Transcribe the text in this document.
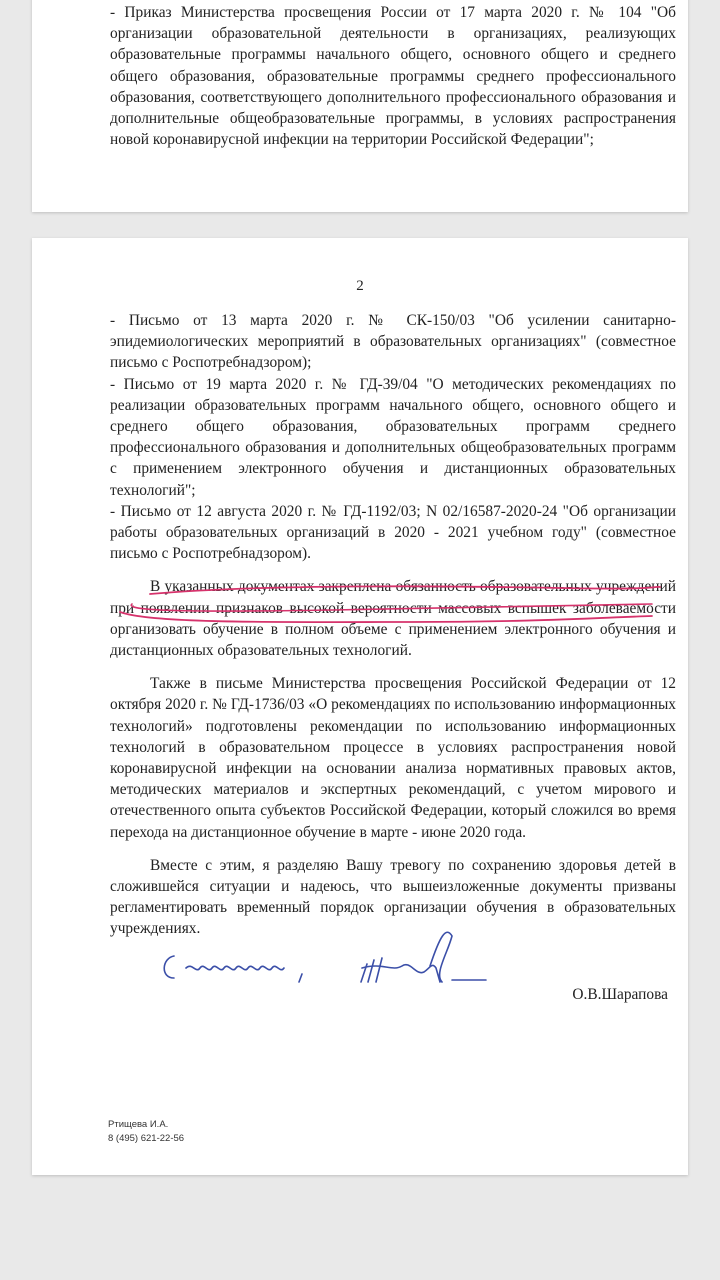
- Приказ Министерства просвещения России от 17 марта 2020 г. № 104 "Об организации образовательной деятельности в организациях, реализующих образовательные программы начального общего, основного общего и среднего общего образования, образовательные программы среднего профессионального образования, соответствующего дополнительного профессионального образования и дополнительные общеобразовательные программы, в условиях распространения новой коронавирусной инфекции на территории Российской Федерации";

2

- Письмо от 13 марта 2020 г. № СК-150/03 "Об усилении санитарно-эпидемиологических мероприятий в образовательных организациях" (совместное письмо с Роспотребнадзором);

- Письмо от 19 марта 2020 г. № ГД-39/04 "О методических рекомендациях по реализации образовательных программ начального общего, основного общего и среднего общего образования, образовательных программ среднего профессионального образования и дополнительных общеобразовательных программ с применением электронного обучения и дистанционных образовательных технологий";

- Письмо от 12 августа 2020 г. № ГД-1192/03; N 02/16587-2020-24 "Об организации работы образовательных организаций в 2020 - 2021 учебном году" (совместное письмо с Роспотребнадзором).

В указанных документах закреплена обязанность образовательных учреждений при появлении признаков высокой вероятности массовых вспышек заболеваемости организовать обучение в полном объеме с применением электронного обучения и дистанционных образовательных технологий.

Также в письме Министерства просвещения Российской Федерации от 12 октября 2020 г. № ГД-1736/03 «О рекомендациях по использованию информационных технологий» подготовлены рекомендации по использованию информационных технологий в образовательном процессе в условиях распространения новой коронавирусной инфекции на основании анализа нормативных правовых актов, методических материалов и экспертных рекомендаций, с учетом мирового и отечественного опыта субъектов Российской Федерации, который сложился во время перехода на дистанционное обучение в марте - июне 2020 года.

Вместе с этим, я разделяю Вашу тревогу по сохранению здоровья детей в сложившейся ситуации и надеюсь, что вышеизложенные документы призваны регламентировать временный порядок организации обучения в образовательных учреждениях.

О.В.Шарапова

Ртищева И.А.
8 (495) 621-22-56
